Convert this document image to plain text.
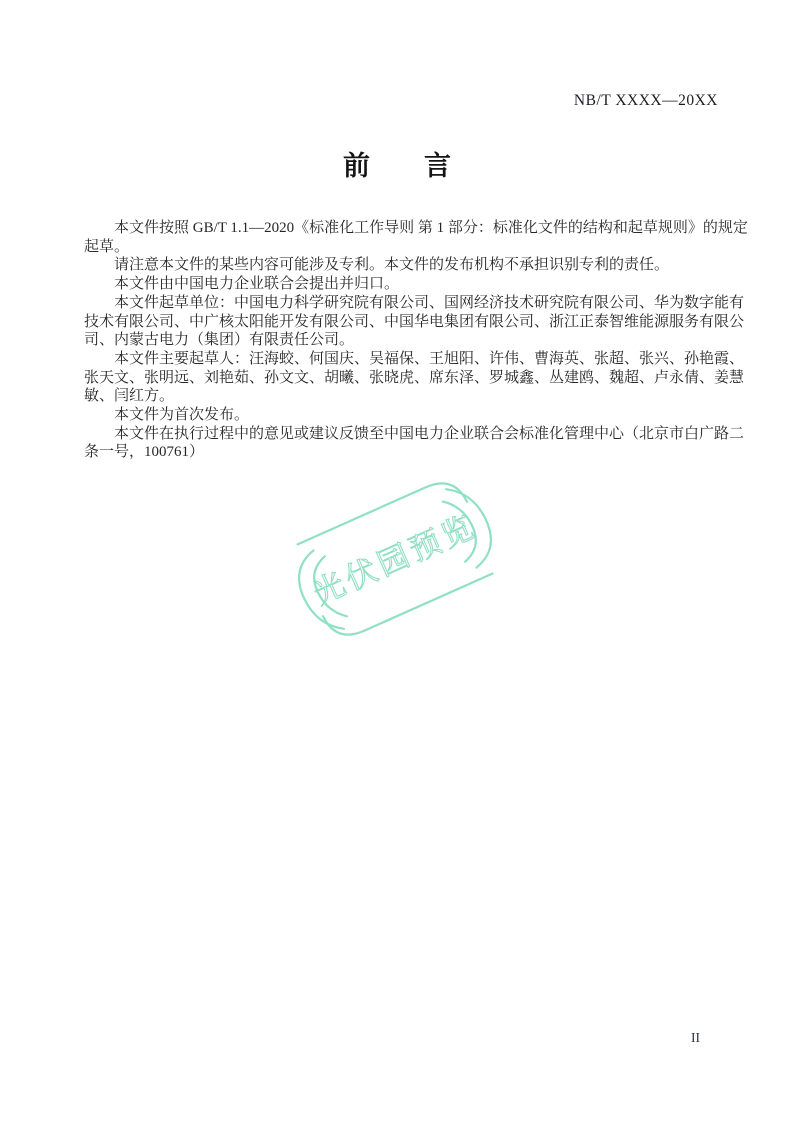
NB/T XXXX—20XX
前　　言
　　本文件按照 GB/T 1.1—2020《标准化工作导则 第 1 部分：标准化文件的结构和起草规则》的规定
起草。
　　请注意本文件的某些内容可能涉及专利。本文件的发布机构不承担识别专利的责任。
　　本文件由中国电力企业联合会提出并归口。
　　本文件起草单位：中国电力科学研究院有限公司、国网经济技术研究院有限公司、华为数字能有
技术有限公司、中广核太阳能开发有限公司、中国华电集团有限公司、浙江正泰智维能源服务有限公
司、内蒙古电力（集团）有限责任公司。
　　本文件主要起草人：汪海蛟、何国庆、吴福保、王旭阳、许伟、曹海英、张超、张兴、孙艳霞、
张天文、张明远、刘艳茹、孙文文、胡曦、张晓虎、席东泽、罗城鑫、丛建鸥、魏超、卢永倩、姜慧
敏、闫红方。
　　本文件为首次发布。
　　本文件在执行过程中的意见或建议反馈至中国电力企业联合会标准化管理中心（北京市白广路二
条一号，100761）
光伏园预览
II
